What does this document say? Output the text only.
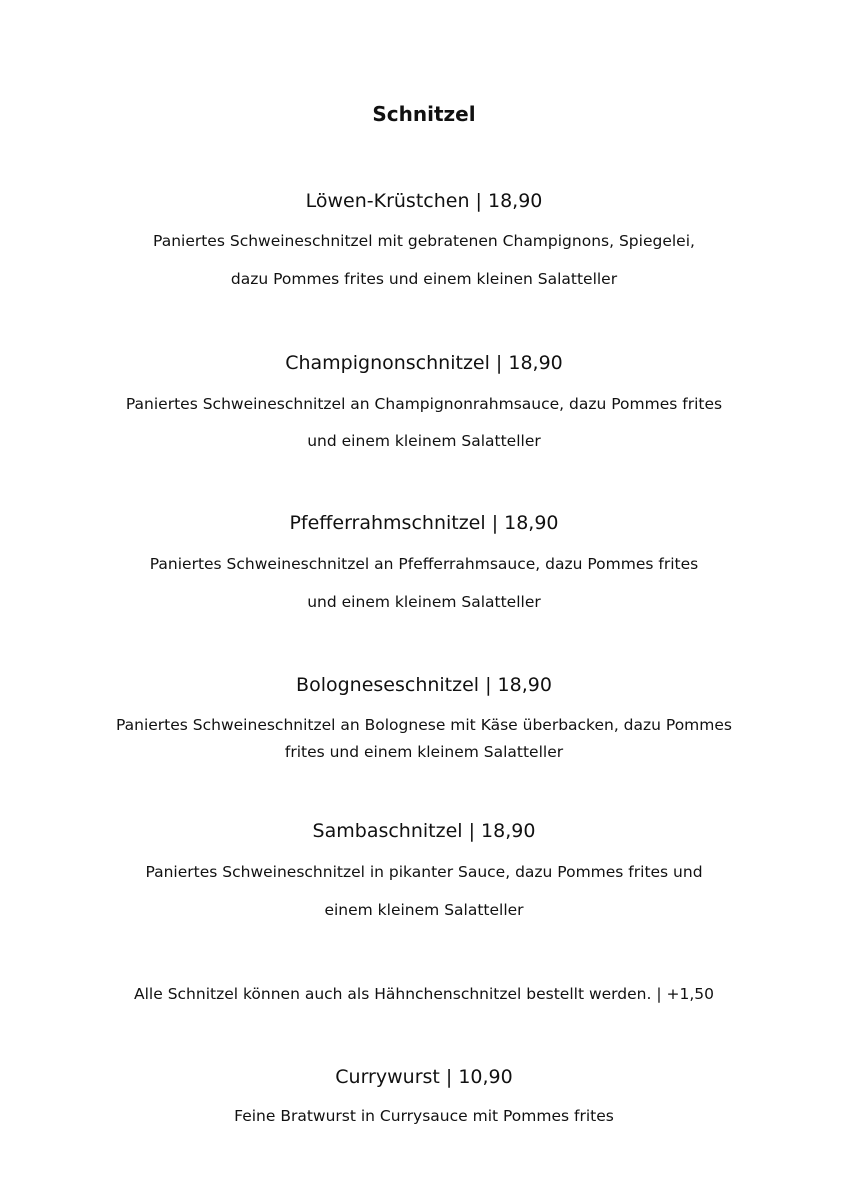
Schnitzel
Löwen-Krüstchen | 18,90
Paniertes Schweineschnitzel mit gebratenen Champignons, Spiegelei,
dazu Pommes frites und einem kleinen Salatteller
Champignonschnitzel | 18,90
Paniertes Schweineschnitzel an Champignonrahmsauce, dazu Pommes frites
und einem kleinem Salatteller
Pfefferrahmschnitzel | 18,90
Paniertes Schweineschnitzel an Pfefferrahmsauce, dazu Pommes frites
und einem kleinem Salatteller
Bologneseschnitzel | 18,90
Paniertes Schweineschnitzel an Bolognese mit Käse überbacken, dazu Pommes
frites und einem kleinem Salatteller
Sambaschnitzel | 18,90
Paniertes Schweineschnitzel in pikanter Sauce, dazu Pommes frites und
einem kleinem Salatteller
Alle Schnitzel können auch als Hähnchenschnitzel bestellt werden. | +1,50
Currywurst | 10,90
Feine Bratwurst in Currysauce mit Pommes frites
